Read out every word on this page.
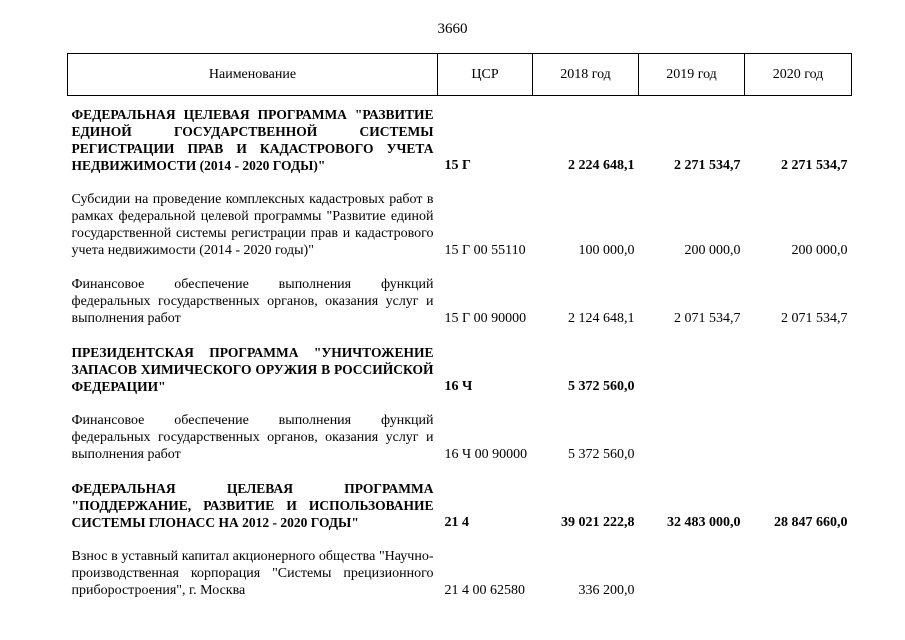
3660
Наименование	ЦСР	2018 год	2019 год	2020 год
ФЕДЕРАЛЬНАЯ ЦЕЛЕВАЯ ПРОГРАММА "РАЗВИТИЕ ЕДИНОЙ ГОСУДАРСТВЕННОЙ СИСТЕМЫ РЕГИСТРАЦИИ ПРАВ И КАДАСТРОВОГО УЧЕТА НЕДВИЖИМОСТИ (2014 - 2020 ГОДЫ)"	15 Г	2 224 648,1	2 271 534,7	2 271 534,7
Субсидии на проведение комплексных кадастровых работ в рамках федеральной целевой программы "Развитие единой государственной системы регистрации прав и кадастрового учета недвижимости (2014 - 2020 годы)"	15 Г 00 55110	100 000,0	200 000,0	200 000,0
Финансовое обеспечение выполнения функций федеральных государственных органов, оказания услуг и выполнения работ	15 Г 00 90000	2 124 648,1	2 071 534,7	2 071 534,7
ПРЕЗИДЕНТСКАЯ ПРОГРАММА "УНИЧТОЖЕНИЕ ЗАПАСОВ ХИМИЧЕСКОГО ОРУЖИЯ В РОССИЙСКОЙ ФЕДЕРАЦИИ"	16 Ч	5 372 560,0		
Финансовое обеспечение выполнения функций федеральных государственных органов, оказания услуг и выполнения работ	16 Ч 00 90000	5 372 560,0		
ФЕДЕРАЛЬНАЯ ЦЕЛЕВАЯ ПРОГРАММА "ПОДДЕРЖАНИЕ, РАЗВИТИЕ И ИСПОЛЬЗОВАНИЕ СИСТЕМЫ ГЛОНАСС НА 2012 - 2020 ГОДЫ"	21 4	39 021 222,8	32 483 000,0	28 847 660,0
Взнос в уставный капитал акционерного общества "Научно-производственная корпорация "Системы прецизионного приборостроения", г. Москва	21 4 00 62580	336 200,0		
